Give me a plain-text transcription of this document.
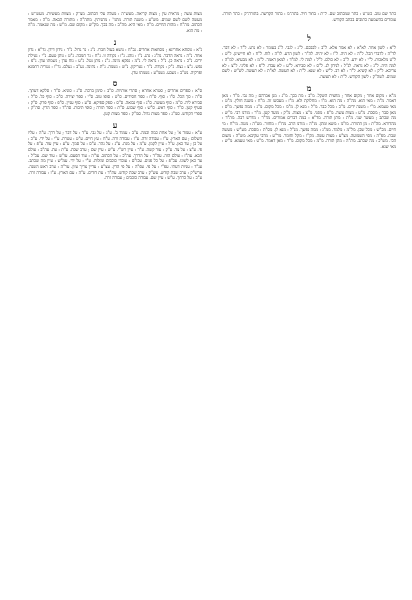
כתר שם טוב. כש"ט : כתר שמכתוב שם. ל"ת : בחור חיל. בתה"מ : בתור הקדשה. בתורה"ק : כתר תורה. עומדים בהשמעה כתובים בכתב הקודש.

ל

ל"א : לשון אחר. לא"א : לא אמר אלא. ל"ב : לבבכם. ל"ג : לגבי. ל"ג בעומר : לא גרע. ל"ד : לא דבר. לד"ה : לדברי הכל. ל"ה : לא היה. ל"ו : לא יהיה. לה"ר : לשון הרע. לו"ה : לוח. ל"ח : לא חיישינן. ל"ט : ל"ט מלאכות. ל"י : לא ידע. ל"כ : לא כולם. ל"ל : למה לי. למ"ד : למאן דאמר. ל"מ : לא מבעיא. למ"ה : למה היה. ל"נ : לא נראה. לנ"ל : לנידון לנ. ל"ס : לא סבירא. ל"ע : לא עבדו. ל"פ : לא פליגי. ל"צ : לא צריכא. ל"ק : לא קשיא. ל"ר : לא רב. ל"ש : לא שנא. ל"ת : לא תעשה. לא"ת : לא תעשה. לש"ש : לשם שמים. לשה"ק : לשון הקודש. ל"ת : לא תעשה.

מ

מ"א : מקום אחר ; מקום אחד ; מחצית השקל. מ"ב : מה בכך. מ"ג : מגן אברהם ; מה גבי. מ"ד : מאן דאמר. מ"ה : מאי הוא. מה"ה : מה הוא. מ"ו : מחלוקת ולא. מ"ז : מעכשו זה. מ"ח : משנה חולין. מ"ט : מאי טעמא. מ"י : משנה ידים. מ"כ : מכל כבר. מ"ל : מנא לן. מ"מ : מכל מקום. מ"נ : ממה נפשך. מ"ס : מאן סבר ; מסכת. מ"ע : מצות עשה. מ"פ : מפני. מ"צ : מצוה. מ"ק : מועד קטן. מ"ר : מורנו רבי. מ"ש : מה שכתב ; מעשר שני. מ"ת : מתן תורה. מד"א : במה דברים אמורים. מד"ר : מדרש רבה. מה"ד : מהדורא. מה"ת : מן התורה. מו"מ : משא ומתן. מו"ה : מורנו הרב. מח"ז : מחזור. מט"ה : מטה. מי"ח : מי חיים. מכ"ש : מכל שכן. מל"מ : מלמד. ממ"נ : ממה נפשך. מנ"ל : מנא לן. מס"ת : מסכת. מע"ש : מעשה שבת. מפ"ה : מפי השמועה. מצ"ע : מצות עשה. מק"ו : מקל וחומר. מר"ע : מרבי עקיבא. מש"ה : משום הכי. מש"כ : מה שכתב. מת"ה : מתן תורה. מ"מ : מכל מקום. מ"ד : מאן דאמר. מ"ט : מאי טעמא. מ"ש : מאי שנא.

מצות עשה ; מראית עין ; מצות קריאה. מעש"ה : מעלה עלי הכתוב. מצ"ק : מצוות מעשיות. מעש"ש : מעשה לשם לשם שמים. מש"ע : משנה תורה. מתני' : מתניתין. מתה"ה : מתורה הבאה. מ"ה : מאמר הכתוב. מה"ח : מהות החיים. מ"ה : מאי היא. מה"ב : מה בכך. מק"ש : מקום שם. מ"ש : מה שנאמר. מ"ה : מה הוא.

נ

נ"א : נוסחא אחרינא ; נוסחאות אחרים. נב"ח : נושא בעול חברו. נ"ג : נר גדול. נ"ד : נידון דידן. נד"א : נדון אחד. נ"ה : נראה הדבר. נה"ג : נהג. נ"ו : נוהג. נ"ז : נקודה זו. נ"ח : נר חנוכה. נ"ט : נותן טעם. נ"י : נטילת ידים. נ"כ : נראה כן. נ"ל : נראה לי. נ"מ : נפקא מינה. נ"נ : נותן נטל. נ"ע : נוח עדן ; נשמתו עדן. נ"פ : נפש. נ"צ : נצח. נ"ק : נקודה. נ"ר : נטריקון. נ"ש : נשמה. נ"ת : נתינה. נע"ב : נעלם. נר"ו : נטריה רחמנא ופרקיה. נש"ב : נשבע. נשמ"ע : נשמתו עדן.

ס

ס"א : ספרים אחרים ; סטרא אחרא ; סתרי אותיות. ס"ב : סימן ברכה. ס"ג : סוגיא. ס"ד : סלקא דעתך. ס"ה : סך הכל. ס"ו : סוף. ס"ח : ספר חסידים. ס"ט : סופו טוב. ס"י : ספר יצירה. ס"כ : סוף כל. ס"ל : סבירא ליה. ס"מ : סוף מעשה. ס"נ : סוף נבואה. ס"ס : ספק ספיקא. ס"ע : סוף עניין. ס"פ : סוף פרק. ס"ק : סעיף קטן. ס"ר : סוף ראש. ס"ש : סוף שבוע. ס"ת : ספר תורה ; סופי תיבות. סה"ד : ספר הדין. סה"ק : ספרי הקודש. סמ"ג : ספר מצות גדול. סמ"ק : ספר מצות קטן.

ע

ע"א : עמוד א' ; על אחת כמה וכמה. ע"ב : עמוד ב'. ע"ג : על גבי. ע"ד : על דבר ; על דרך. ע"ה : עליו השלום ; עם הארץ. ע"ו : עבודה זרה. ע"ז : עבודה זרה. ע"ח : עץ חיים. ע"ט : עטרת. ע"י : על ידי. ע"כ : על כן ; עד כאן. ע"ל : עיין לקמן. ע"מ : על מנת. ע"נ : על נהר. ע"ס : על סמך. ע"ע : עיין עוד. ע"פ : על פי. ע"צ : על צד. ע"ק : עוד קשה. ע"ר : עיין רש"י. ע"ש : עיין שם ; ערב שבת. ע"ת : עת. עה"ב : עולם הבא. עה"ז : עולם הזה. עה"ד : על הדרך. עה"כ : על הכתוב. עו"ה : עוד הפעם. עו"ש : עוד שם. עכ"ל : עד כאן לשונו. עכ"פ : על כל פנים. עכו"ם : עובדי כוכבים ומזלות. ע"י : על ידי. עמ"ש : עיין מה שכתב. ענ"ד : עניות דעתי. עפ"י : על פי. עפ"ה : על פי הדין. עצ"ע : עדיין צריך עיון. ער"ה : ערב ראש השנה. ערש"ק : ערב שבת קודש. עש"ק : ערב שבת קודש. עת"ד : עת דודים. ע"ה : עם הארץ. ע"ז : עבודה זרה. ע"כ : על כרחך. ע"ש : עיין שם. עבודה כוכבים ; עבודה זרה.
